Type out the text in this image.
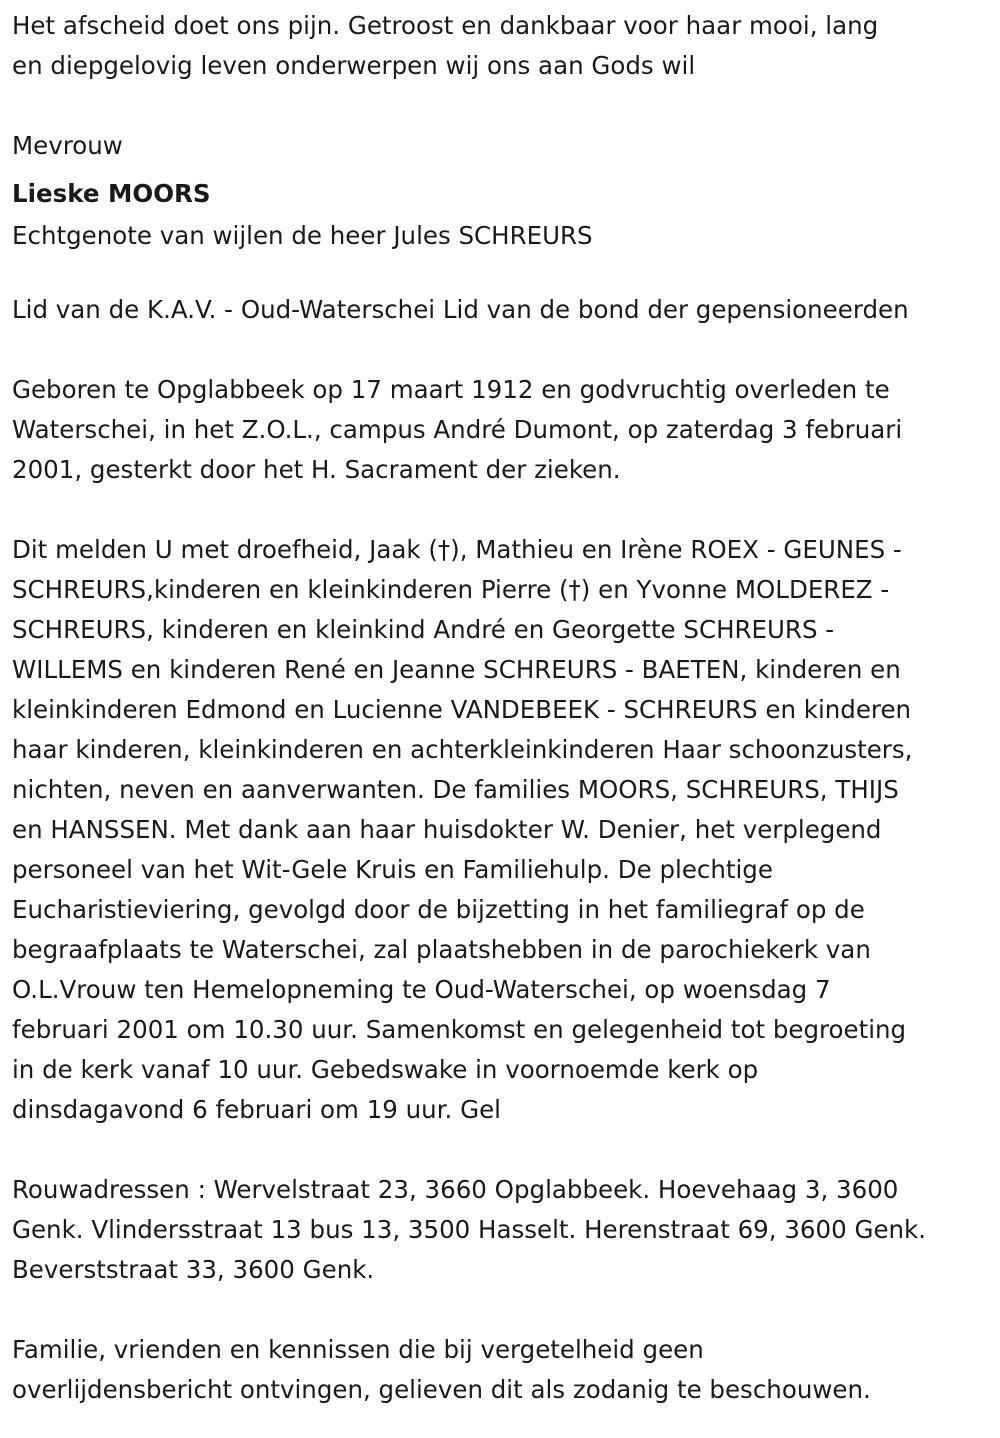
Het afscheid doet ons pijn. Getroost en dankbaar voor haar mooi, lang

en diepgelovig leven onderwerpen wij ons aan Gods wil

Mevrouw

Lieske MOORS

Echtgenote van wijlen de heer Jules SCHREURS

Lid van de K.A.V. - Oud-Waterschei Lid van de bond der gepensioneerden

Geboren te Opglabbeek op 17 maart 1912 en godvruchtig overleden te

Waterschei, in het Z.O.L., campus André Dumont, op zaterdag 3 februari

2001, gesterkt door het H. Sacrament der zieken.

Dit melden U met droefheid, Jaak (†), Mathieu en Irène ROEX - GEUNES -

SCHREURS,kinderen en kleinkinderen Pierre (†) en Yvonne MOLDEREZ -

SCHREURS, kinderen en kleinkind André en Georgette SCHREURS -

WILLEMS en kinderen René en Jeanne SCHREURS - BAETEN, kinderen en

kleinkinderen Edmond en Lucienne VANDEBEEK - SCHREURS en kinderen

haar kinderen, kleinkinderen en achterkleinkinderen Haar schoonzusters,

nichten, neven en aanverwanten. De families MOORS, SCHREURS, THIJS

en HANSSEN. Met dank aan haar huisdokter W. Denier, het verplegend

personeel van het Wit-Gele Kruis en Familiehulp. De plechtige

Eucharistieviering, gevolgd door de bijzetting in het familiegraf op de

begraafplaats te Waterschei, zal plaatshebben in de parochiekerk van

O.L.Vrouw ten Hemelopneming te Oud-Waterschei, op woensdag 7

februari 2001 om 10.30 uur. Samenkomst en gelegenheid tot begroeting

in de kerk vanaf 10 uur. Gebedswake in voornoemde kerk op

dinsdagavond 6 februari om 19 uur. Gel

Rouwadressen : Wervelstraat 23, 3660 Opglabbeek. Hoevehaag 3, 3600

Genk. Vlindersstraat 13 bus 13, 3500 Hasselt. Herenstraat 69, 3600 Genk.

Beverststraat 33, 3600 Genk.

Familie, vrienden en kennissen die bij vergetelheid geen

overlijdensbericht ontvingen, gelieven dit als zodanig te beschouwen.
